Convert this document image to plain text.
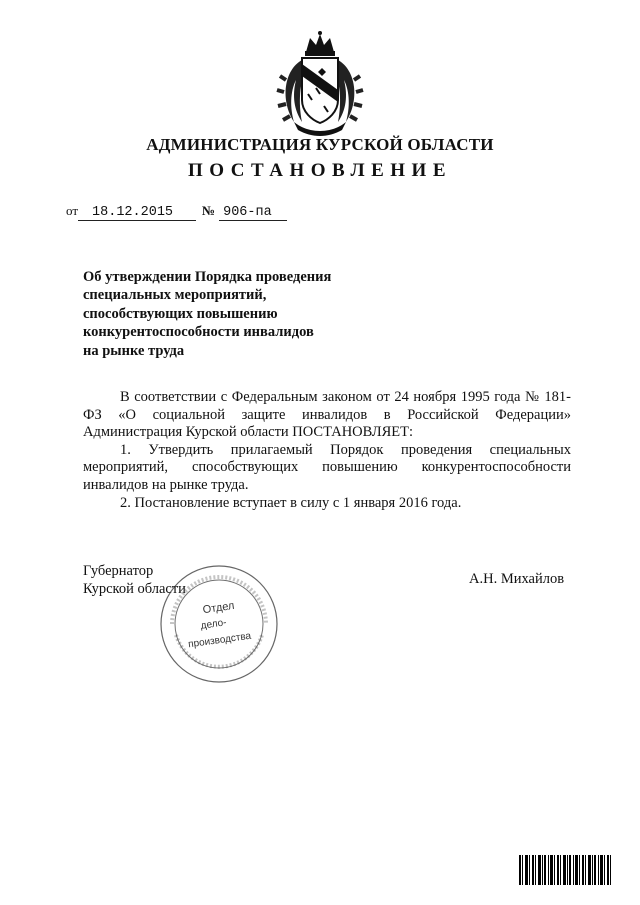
АДМИНИСТРАЦИЯ КУРСКОЙ ОБЛАСТИ
ПОСТАНОВЛЕНИЕ
от 18.12.2015 № 906-па
Об утверждении Порядка проведения
специальных мероприятий,
способствующих повышению
конкурентоспособности инвалидов
на рынке труда

В соответствии с Федеральным законом от 24 ноября 1995 года № 181-ФЗ «О социальной защите инвалидов в Российской Федерации» Администрация Курской области ПОСТАНОВЛЯЕТ:

1. Утвердить прилагаемый Порядок проведения специальных мероприятий, способствующих повышению конкурентоспособности инвалидов на рынке труда.

2. Постановление вступает в силу с 1 января 2016 года.

Губернатор
Курской области
А.Н. Михайлов
Отдел
дело-
производства
